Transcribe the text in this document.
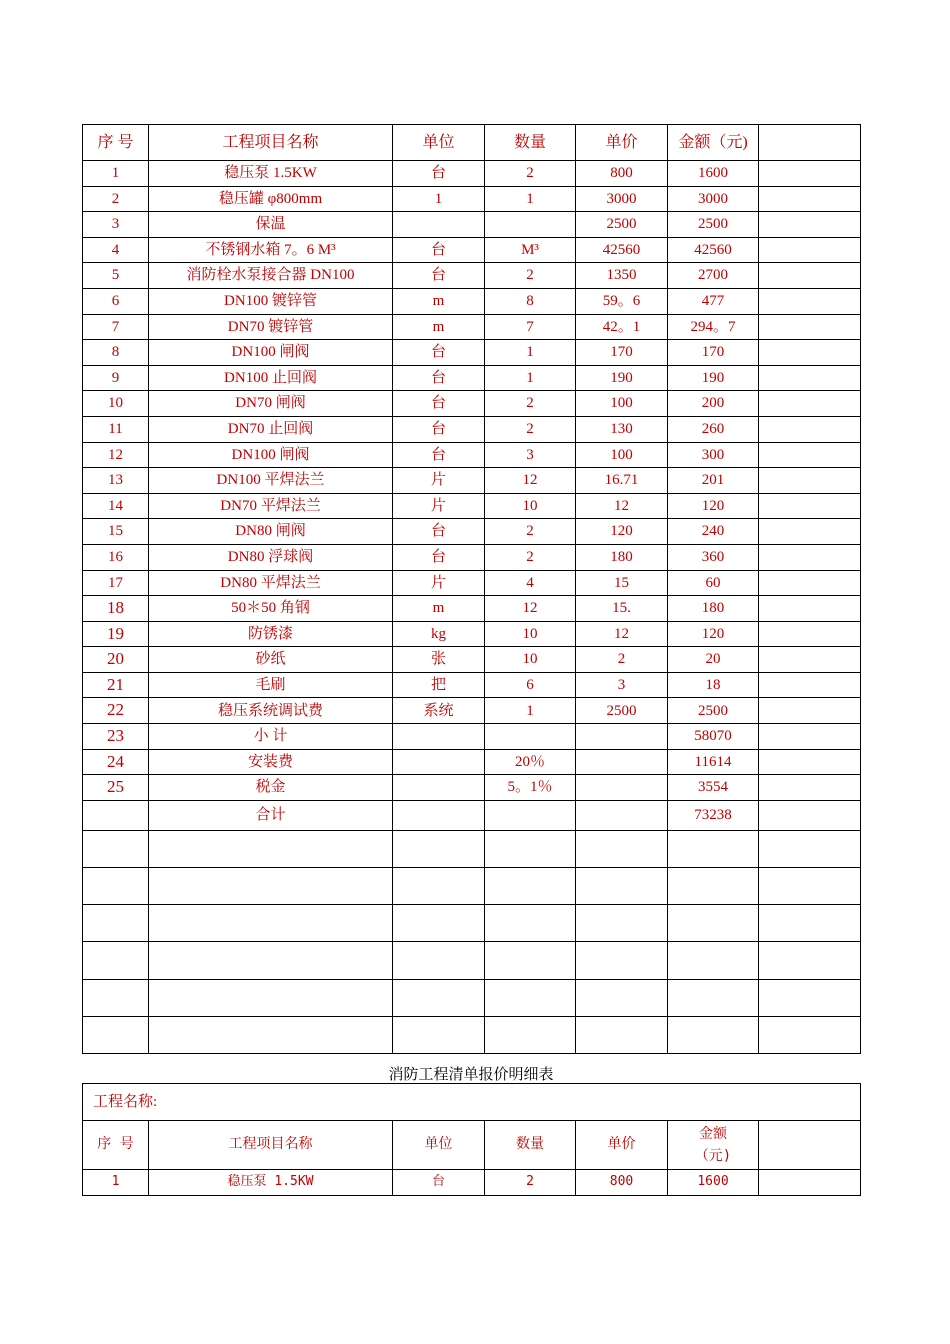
序 号	工程项目名称	单位	数量	单价	金额（元)	
1	稳压泵 1.5KW	台	2	800	1600	
2	稳压罐 φ800mm	1	1	3000	3000	
3	保温			2500	2500	
4	不锈钢水箱 7。6 M³	台	M³	42560	42560	
5	消防栓水泵接合器 DN100	台	2	1350	2700	
6	DN100 镀锌管	m	8	59。6	477	
7	DN70 镀锌管	m	7	42。1	294。7	
8	DN100 闸阀	台	1	170	170	
9	DN100 止回阀	台	1	190	190	
10	DN70 闸阀	台	2	100	200	
11	DN70 止回阀	台	2	130	260	
12	DN100 闸阀	台	3	100	300	
13	DN100 平焊法兰	片	12	16.71	201	
14	DN70 平焊法兰	片	10	12	120	
15	DN80 闸阀	台	2	120	240	
16	DN80 浮球阀	台	2	180	360	
17	DN80 平焊法兰	片	4	15	60	
18	50＊50 角钢	m	12	15.	180	
19	防锈漆	kg	10	12	120	
20	砂纸	张	10	2	20	
21	毛刷	把	6	3	18	
22	稳压系统调试费	系统	1	2500	2500	
23	小 计				58070	
24	安装费		20％		11614	
25	税金		5。1％		3554	
	合计				73238	

消防工程清单报价明细表
工程名称:						
序 号	工程项目名称	单位	数量	单价	金额
（元)	
1	稳压泵 1.5KW	台	2	800	1600	
